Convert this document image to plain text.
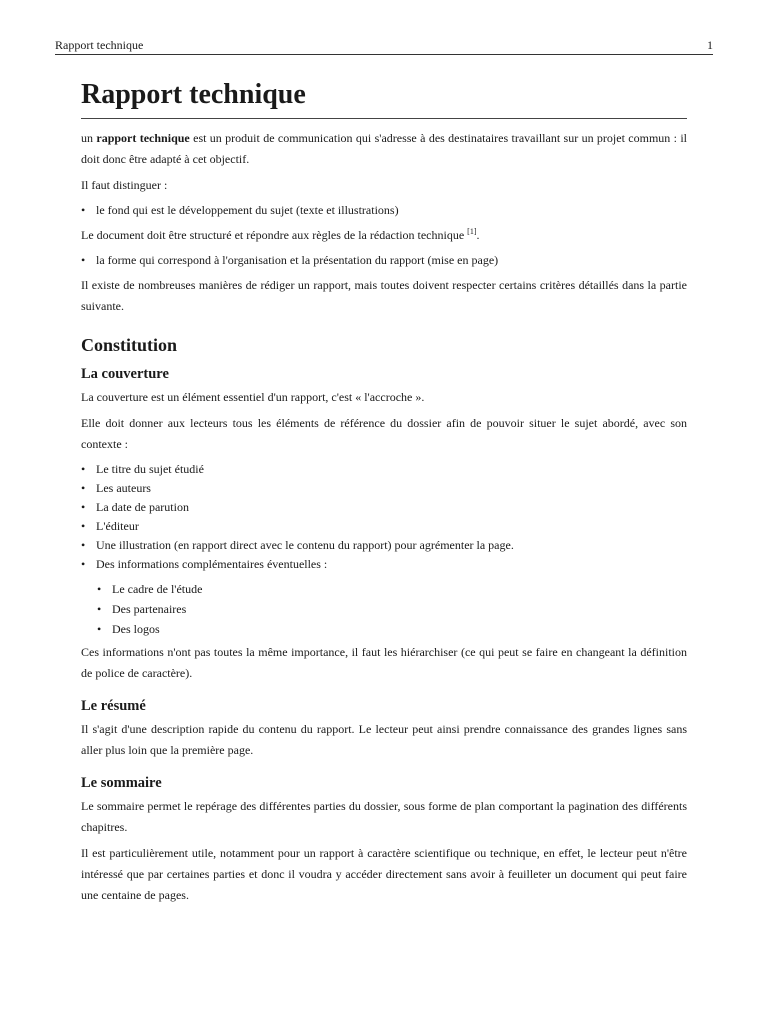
Rapport technique	1
Rapport technique

un rapport technique est un produit de communication qui s'adresse à des destinataires travaillant sur un projet commun : il doit donc être adapté à cet objectif.

Il faut distinguer :

• le fond qui est le développement du sujet (texte et illustrations)

Le document doit être structuré et répondre aux règles de la rédaction technique [1].

• la forme qui correspond à l'organisation et la présentation du rapport (mise en page)

Il existe de nombreuses manières de rédiger un rapport, mais toutes doivent respecter certains critères détaillés dans la partie suivante.

Constitution
La couverture

La couverture est un élément essentiel d'un rapport, c'est « l'accroche ».

Elle doit donner aux lecteurs tous les éléments de référence du dossier afin de pouvoir situer le sujet abordé, avec son contexte :

• Le titre du sujet étudié
• Les auteurs
• La date de parution
• L'éditeur
• Une illustration (en rapport direct avec le contenu du rapport) pour agrémenter la page.
• Des informations complémentaires éventuelles :
• Le cadre de l'étude
• Des partenaires
• Des logos

Ces informations n'ont pas toutes la même importance, il faut les hiérarchiser (ce qui peut se faire en changeant la définition de police de caractère).

Le résumé

Il s'agit d'une description rapide du contenu du rapport. Le lecteur peut ainsi prendre connaissance des grandes lignes sans aller plus loin que la première page.

Le sommaire

Le sommaire permet le repérage des différentes parties du dossier, sous forme de plan comportant la pagination des différents chapitres.

Il est particulièrement utile, notamment pour un rapport à caractère scientifique ou technique, en effet, le lecteur peut n'être intéressé que par certaines parties et donc il voudra y accéder directement sans avoir à feuilleter un document qui peut faire une centaine de pages.
